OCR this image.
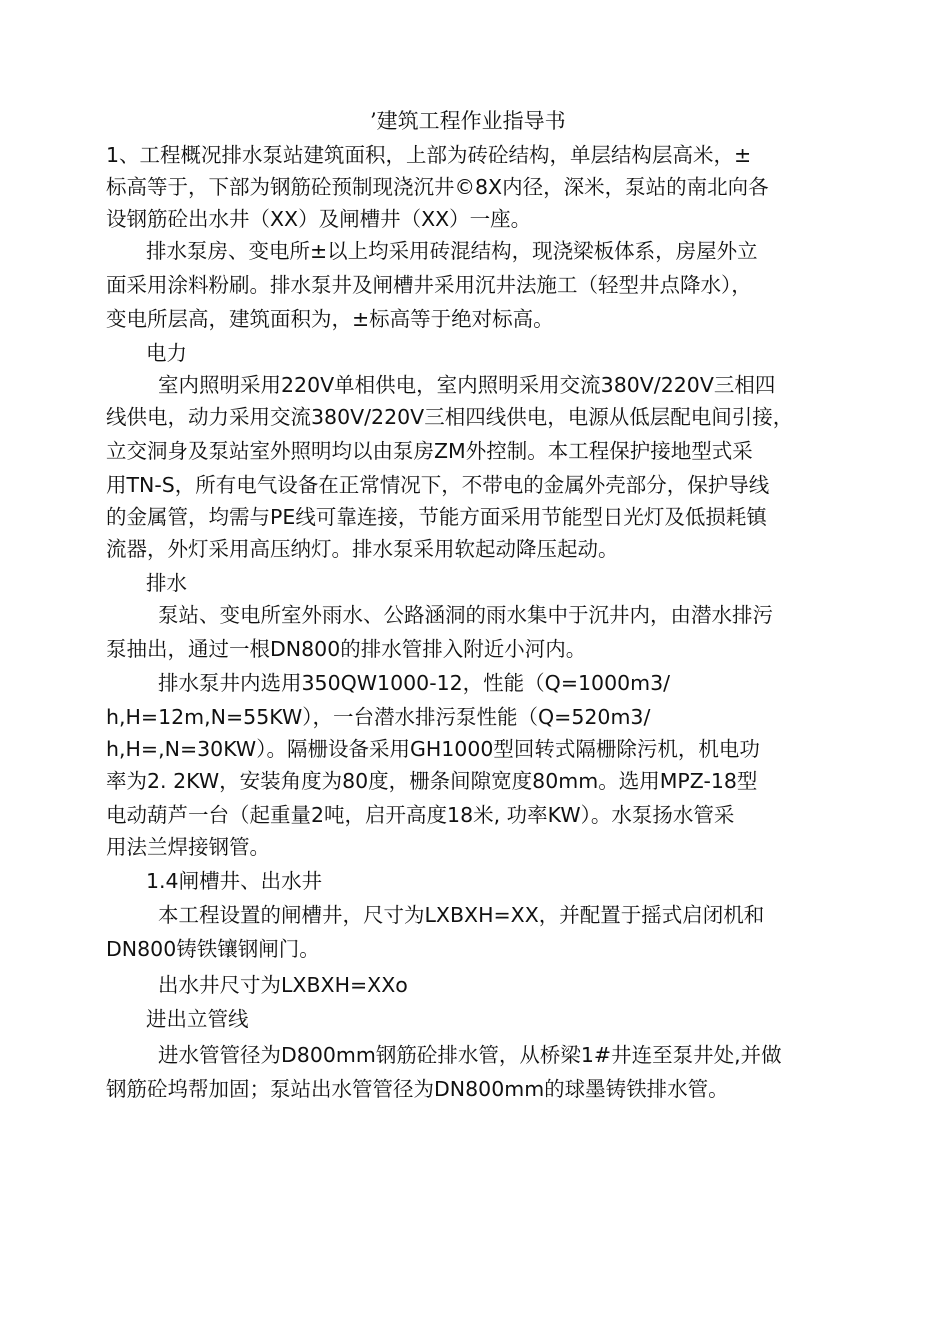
’建筑工程作业指导书
1、工程概况排水泵站建筑面积，上部为砖砼结构，单层结构层高米，±
标高等于，下部为钢筋砼预制现浇沉井©8X内径，深米，泵站的南北向各
设钢筋砼出水井（XX）及闸槽井（XX）一座。
排水泵房、变电所±以上均采用砖混结构，现浇梁板体系，房屋外立
面采用涂料粉刷。排水泵井及闸槽井采用沉井法施工（轻型井点降水），
变电所层高，建筑面积为，±标高等于绝对标高。
电力
室内照明采用220V单相供电，室内照明采用交流380V/220V三相四
线供电，动力采用交流380V/220V三相四线供电，电源从低层配电间引接，
立交洞身及泵站室外照明均以由泵房ZM外控制。本工程保护接地型式采
用TN-S，所有电气设备在正常情况下，不带电的金属外壳部分，保护导线
的金属管，均需与PE线可靠连接，节能方面采用节能型日光灯及低损耗镇
流器，外灯采用高压纳灯。排水泵采用软起动降压起动。
排水
泵站、变电所室外雨水、公路涵洞的雨水集中于沉井内，由潜水排污
泵抽出，通过一根DN800的排水管排入附近小河内。
排水泵井内选用350QW1000-12，性能（Q=1000m3/
h,H=12m,N=55KW），一台潜水排污泵性能（Q=520m3/
h,H=,N=30KW）。隔栅设备采用GH1000型回转式隔栅除污机，机电功
率为2. 2KW，安装角度为80度，栅条间隙宽度80mm。选用MPZ-18型
电动葫芦一台（起重量2吨，启开高度18米, 功率KW）。水泵扬水管采
用法兰焊接钢管。
1.4闸槽井、出水井
本工程设置的闸槽井，尺寸为LXBXH=XX，并配置于摇式启闭机和
DN800铸铁镶钢闸门。
出水井尺寸为LXBXH=XXo
进出立管线
进水管管径为D800mm钢筋砼排水管，从桥梁1#井连至泵井处,并做
钢筋砼坞帮加固；泵站出水管管径为DN800mm的球墨铸铁排水管。
